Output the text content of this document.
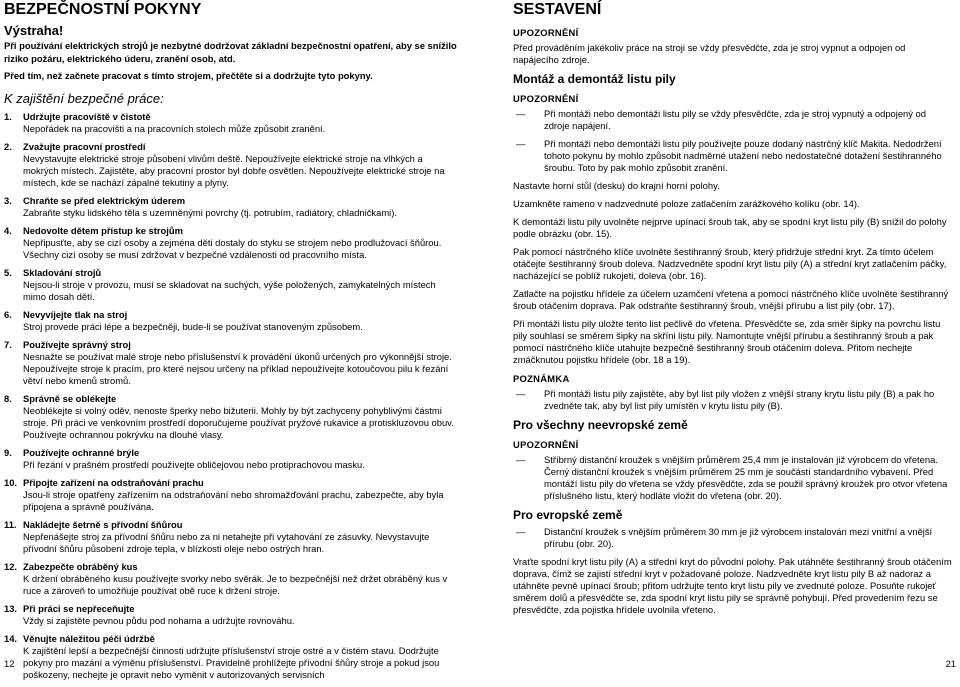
BEZPEČNOSTNÍ POKYNY
Výstraha!

Při používání elektrických strojů je nezbytné dodržovat základní bezpečnostní opatření, aby se snížilo riziko požáru, elektrického úderu, zranění osob, atd.

Před tím, než začnete pracovat s tímto strojem, přečtěte si a dodržujte tyto pokyny.

K zajištění bezpečné práce:
1. Udržujte pracoviště v čistotě
Nepořádek na pracovišti a na pracovních stolech může způsobit zranění.
2. Zvažujte pracovní prostředí
Nevystavujte elektrické stroje působení vlivům deště. Nepoužívejte elektrické stroje na vlhkých a mokrých místech. Zajistěte, aby pracovní prostor byl dobře osvětlen. Nepoužívejte elektrické stroje na místech, kde se nachází zápalné tekutiny a plyny.
3. Chraňte se před elektrickým úderem
Zabraňte styku lidského těla s uzemněnými povrchy (tj. potrubím, radiátory, chladničkami).
4. Nedovolte dětem přístup ke strojům
Nepřipusťte, aby se cizí osoby a zejména děti dostaly do styku se strojem nebo prodlužovací šňůrou. Všechny cizí osoby se musí zdržovat v bezpečné vzdálenosti od pracovního místa.
5. Skladování strojů
Nejsou-li stroje v provozu, musí se skladovat na suchých, výše položených, zamykatelných místech mimo dosah dětí.
6. Nevyvíjejte tlak na stroj
Stroj provede práci lépe a bezpečněji, bude-li se používat stanoveným způsobem.
7. Používejte správný stroj
Nesnažte se používat malé stroje nebo příslušenství k provádění úkonů určených pro výkonnější stroje. Nepoužívejte stroje k pracím, pro které nejsou určeny na příklad nepoužívejte kotoučovou pilu k řezání větví nebo kmenů stromů.
8. Správně se oblékejte
Neoblékejte si volný oděv, nenoste šperky nebo bižuterii. Mohly by být zachyceny pohyblivými částmi stroje. Při práci ve venkovním prostředí doporučujeme používat pryžové rukavice a protiskluzovou obuv. Používejte ochrannou pokrývku na dlouhé vlasy.
9. Používejte ochranné brýle
Při řezání v prašném prostředí používejte obličejovou nebo protiprachovou masku.
10. Připojte zařízení na odstraňování prachu
Jsou-li stroje opatřeny zařízením na odstraňování nebo shromažďování prachu, zabezpečte, aby byla připojena a správně používána.
11. Nakládejte šetrně s přívodní šňůrou
Nepřenášejte stroj za přívodní šňůru nebo za ni netahejte při vytahování ze zásuvky. Nevystavujte přívodní šňůru působení zdroje tepla, v blízkosti oleje nebo ostrých hran.
12. Zabezpečte obráběný kus
K držení obráběného kusu používejte svorky nebo svěrák. Je to bezpečnější než držet obráběný kus v ruce a zároveň to umožňuje používat obě ruce k držení stroje.
13. Při práci se nepřeceňujte
Vždy si zajistěte pevnou půdu pod nohama a udržujte rovnováhu.
14. Věnujte náležitou péči údržbě
K zajištění lepší a bezpečnější činnosti udržujte příslušenství stroje ostré a v čistém stavu. Dodržujte pokyny pro mazání a výměnu příslušenství. Pravidelně prohlížejte přívodní šňůry stroje a pokud jsou poškozeny, nechejte je opravit nebo vyměnit v autorizovaných servisních
SESTAVENÍ
UPOZORNĚNÍ

Před prováděním jakékoliv práce na stroji se vždy přesvědčte, zda je stroj vypnut a odpojen od napájecího zdroje.

Montáž a demontáž listu pily
UPOZORNĚNÍ
— Při montáži nebo demontáži listu pily se vždy přesvědčte, zda je stroj vypnutý a odpojený od zdroje napájení.
— Při montáži nebo demontáži listu pily používejte pouze dodaný nástrčný klíč Makita. Nedodržení tohoto pokynu by mohlo způsobit nadměrné utažení nebo nedostatečné dotažení šestihranného šroubu. Toto by pak mohlo způsobit zranění.

Nastavte horní stůl (desku) do krajní horní polohy.

Uzamkněte rameno v nadzvednuté poloze zatlačením zarážkového kolíku (obr. 14).

K demontáži listu pily uvolněte nejprve upínací šroub tak, aby se spodní kryt listu pily (B) snížil do polohy podle obrázku (obr. 15).

Pak pomocí nástrčného klíče uvolněte šestihranný šroub, který přidržuje střední kryt. Za tímto účelem otáčejte šestihranný šroub doleva. Nadzvedněte spodní kryt listu pily (A) a střední kryt zatlačením páčky, nacházející se poblíž rukojeti, doleva (obr. 16).

Zatlačte na pojistku hřídele za účelem uzamčení vřetena a pomocí nástrčného klíče uvolněte šestihranný šroub otáčením doprava. Pak odstraňte šestihranný šroub, vnější přírubu a list pily (obr. 17).

Při montáži listu pily uložte tento list pečlivě do vřetena. Přesvědčte se, zda směr šipky na povrchu listu pily souhlasí se směrem šipky na skříni listu pily. Namontujte vnější přírubu a šestihranný šroub a pak pomocí nástrčného klíče utahujte bezpečně šestihranný šroub otáčením doleva. Přitom nechejte zmáčknutou pojistku hřídele (obr. 18 a 19).

POZNÁMKA
— Při montáži listu pily zajistěte, aby byl list pily vložen z vnější strany krytu listu pily (B) a pak ho zvedněte tak, aby byl list pily umístěn v krytu listu pily (B).
Pro všechny neevropské země
UPOZORNĚNÍ
— Stříbrný distanční kroužek s vnějším průměrem 25,4 mm je instalován již výrobcem do vřetena. Černý distanční kroužek s vnějším průměrem 25 mm je součástí standardního vybavení. Před montáží listu pily do vřetena se vždy přesvědčte, zda se použil správný kroužek pro otvor vřetena příslušného listu, který hodláte vložit do vřetena (obr. 20).
Pro evropské země
— Distanční kroužek s vnějším průměrem 30 mm je již výrobcem instalován mezi vnitřní a vnější přírubu (obr. 20).

Vraťte spodní kryt listu pily (A) a střední kryt do původní polohy. Pak utáhněte šestihranný šroub otáčením doprava, čímž se zajistí střední kryt v požadované poloze. Nadzvedněte kryt listu pily B až nadoraz a utáhněte pevně upínací šroub; přitom udržujte tento kryt listu pily ve zvednuté poloze. Posuňte rukojeť směrem dolů a přesvědčte se, zda spodní kryt listu pily se správně pohybují. Před provedením řezu se přesvědčte, zda pojistka hřídele uvolnila vřeteno.

12	21
